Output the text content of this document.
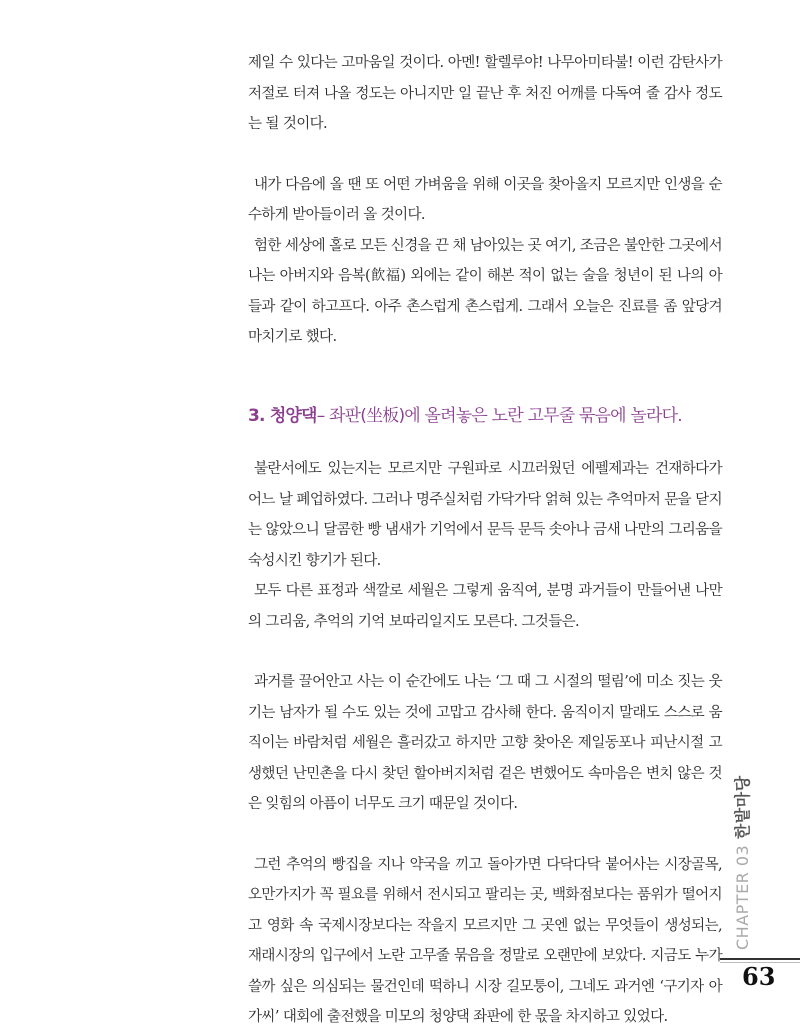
제일 수 있다는 고마움일 것이다. 아멘! 할렐루야! 나무아미타불! 이런 감탄사가 저절로 터져 나올 정도는 아니지만 일 끝난 후 처진 어깨를 다독여 줄 감사 정도는 될 것이다.

내가 다음에 올 땐 또 어떤 가벼움을 위해 이곳을 찾아올지 모르지만 인생을 순수하게 받아들이러 올 것이다.

험한 세상에 홀로 모든 신경을 끈 채 남아있는 곳 여기, 조금은 불안한 그곳에서 나는 아버지와 음복(飮福) 외에는 같이 해본 적이 없는 술을 청년이 된 나의 아들과 같이 하고프다. 아주 촌스럽게 촌스럽게. 그래서 오늘은 진료를 좀 앞당겨 마치기로 했다.

3. 청양댁– 좌판(坐板)에 올려놓은 노란 고무줄 묶음에 놀라다.

불란서에도 있는지는 모르지만 구원파로 시끄러웠던 에펠제과는 건재하다가 어느 날 폐업하였다. 그러나 명주실처럼 가닥가닥 얽혀 있는 추억마저 문을 닫지는 않았으니 달콤한 빵 냄새가 기억에서 문득 문득 솟아나 금새 나만의 그리움을 숙성시킨 향기가 된다.

모두 다른 표정과 색깔로 세월은 그렇게 움직여, 분명 과거들이 만들어낸 나만의 그리움, 추억의 기억 보따리일지도 모른다. 그것들은.

과거를 끌어안고 사는 이 순간에도 나는 ‘그 때 그 시절의 떨림’에 미소 짓는 웃기는 남자가 될 수도 있는 것에 고맙고 감사해 한다. 움직이지 말래도 스스로 움직이는 바람처럼 세월은 흘러갔고 하지만 고향 찾아온 제일동포나 피난시절 고생했던 난민촌을 다시 찾던 할아버지처럼 겉은 변했어도 속마음은 변치 않은 것은 잊힘의 아픔이 너무도 크기 때문일 것이다.

그런 추억의 빵집을 지나 약국을 끼고 돌아가면 다닥다닥 붙어사는 시장골목, 오만가지가 꼭 필요를 위해서 전시되고 팔리는 곳, 백화점보다는 품위가 떨어지고 영화 속 국제시장보다는 작을지 모르지만 그 곳엔 없는 무엇들이 생성되는, 재래시장의 입구에서 노란 고무줄 묶음을 정말로 오랜만에 보았다. 지금도 누가 쓸까 싶은 의심되는 물건인데 떡하니 시장 길모퉁이, 그네도 과거엔 ‘구기자 아가씨’ 대회에 출전했을 미모의 청양댁 좌판에 한 몫을 차지하고 있었다.

CHAPTER 03 한밭마당
63
